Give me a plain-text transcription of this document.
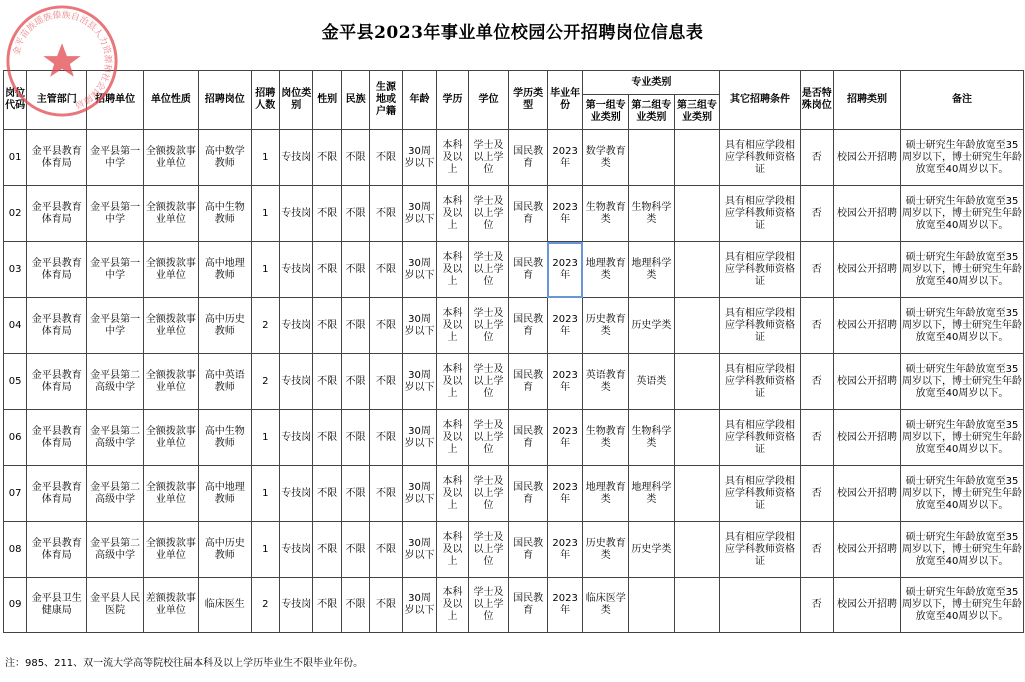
金平县2023年事业单位校园公开招聘岗位信息表
金平苗族瑶族傣族自治县人力资源和社会保障局
岗位代码	主管部门	招聘单位	单位性质	招聘岗位	招聘人数	岗位类别	性别	民族	生源地或户籍	年龄	学历	学位	学历类型	毕业年份	专业类别			其它招聘条件	是否特殊岗位	招聘类别	备注
															第一组专业类别	第二组专业类别	第三组专业类别				
01	金平县教育体育局	金平县第一中学	全额拨款事业单位	高中数学教师	1	专技岗	不限	不限	不限	30周岁以下	本科及以上	学士及以上学位	国民教育	2023年	数学教育类			具有相应学段相应学科教师资格证	否	校园公开招聘	硕士研究生年龄放宽至35周岁以下，博士研究生年龄放宽至40周岁以下。
02	金平县教育体育局	金平县第一中学	全额拨款事业单位	高中生物教师	1	专技岗	不限	不限	不限	30周岁以下	本科及以上	学士及以上学位	国民教育	2023年	生物教育类	生物科学类		具有相应学段相应学科教师资格证	否	校园公开招聘	硕士研究生年龄放宽至35周岁以下，博士研究生年龄放宽至40周岁以下。
03	金平县教育体育局	金平县第一中学	全额拨款事业单位	高中地理教师	1	专技岗	不限	不限	不限	30周岁以下	本科及以上	学士及以上学位	国民教育	2023年	地理教育类	地理科学类		具有相应学段相应学科教师资格证	否	校园公开招聘	硕士研究生年龄放宽至35周岁以下，博士研究生年龄放宽至40周岁以下。
04	金平县教育体育局	金平县第一中学	全额拨款事业单位	高中历史教师	2	专技岗	不限	不限	不限	30周岁以下	本科及以上	学士及以上学位	国民教育	2023年	历史教育类	历史学类		具有相应学段相应学科教师资格证	否	校园公开招聘	硕士研究生年龄放宽至35周岁以下，博士研究生年龄放宽至40周岁以下。
05	金平县教育体育局	金平县第二高级中学	全额拨款事业单位	高中英语教师	2	专技岗	不限	不限	不限	30周岁以下	本科及以上	学士及以上学位	国民教育	2023年	英语教育类	英语类		具有相应学段相应学科教师资格证	否	校园公开招聘	硕士研究生年龄放宽至35周岁以下，博士研究生年龄放宽至40周岁以下。
06	金平县教育体育局	金平县第二高级中学	全额拨款事业单位	高中生物教师	1	专技岗	不限	不限	不限	30周岁以下	本科及以上	学士及以上学位	国民教育	2023年	生物教育类	生物科学类		具有相应学段相应学科教师资格证	否	校园公开招聘	硕士研究生年龄放宽至35周岁以下，博士研究生年龄放宽至40周岁以下。
07	金平县教育体育局	金平县第二高级中学	全额拨款事业单位	高中地理教师	1	专技岗	不限	不限	不限	30周岁以下	本科及以上	学士及以上学位	国民教育	2023年	地理教育类	地理科学类		具有相应学段相应学科教师资格证	否	校园公开招聘	硕士研究生年龄放宽至35周岁以下，博士研究生年龄放宽至40周岁以下。
08	金平县教育体育局	金平县第二高级中学	全额拨款事业单位	高中历史教师	1	专技岗	不限	不限	不限	30周岁以下	本科及以上	学士及以上学位	国民教育	2023年	历史教育类	历史学类		具有相应学段相应学科教师资格证	否	校园公开招聘	硕士研究生年龄放宽至35周岁以下，博士研究生年龄放宽至40周岁以下。
09	金平县卫生健康局	金平县人民医院	差额拨款事业单位	临床医生	2	专技岗	不限	不限	不限	30周岁以下	本科及以上	学士及以上学位	国民教育	2023年	临床医学类				否	校园公开招聘	硕士研究生年龄放宽至35周岁以下，博士研究生年龄放宽至40周岁以下。
注：985、211、双一流大学高等院校往届本科及以上学历毕业生不限毕业年份。
